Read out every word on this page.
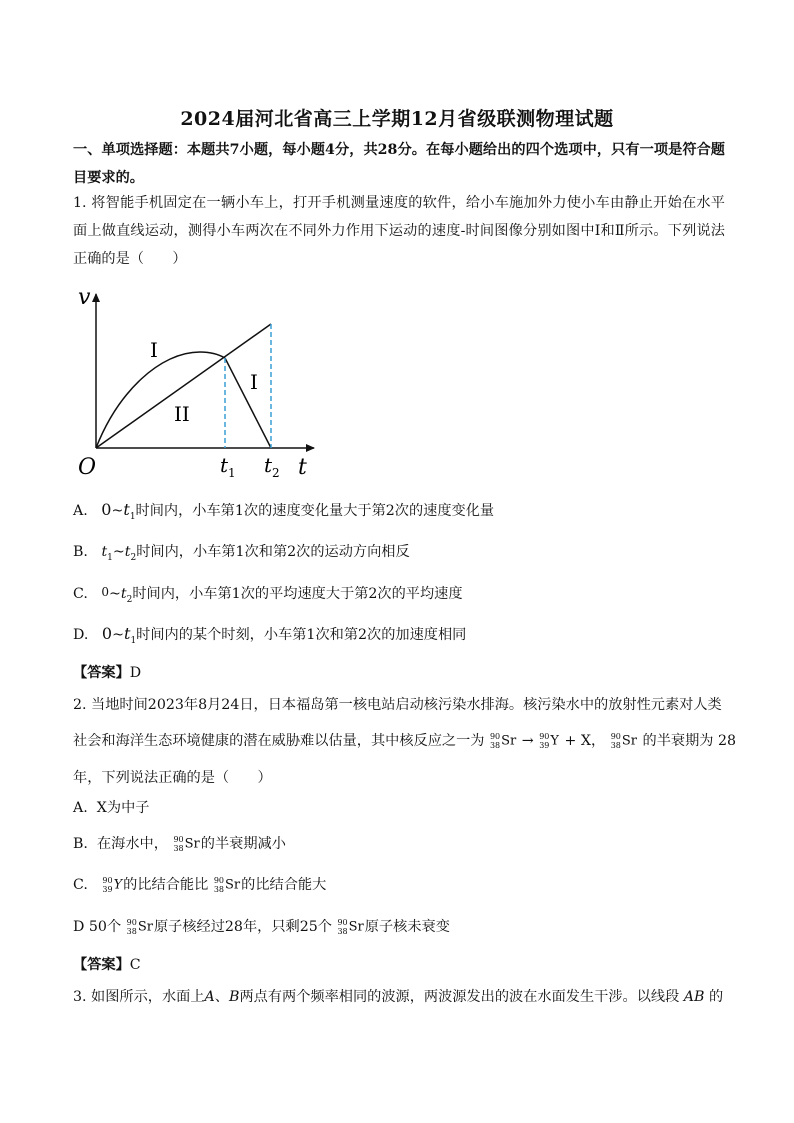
2024届河北省高三上学期12月省级联测物理试题
一、单项选择题：本题共7小题，每小题4分，共28分。在每小题给出的四个选项中，只有一项是符合题目要求的。
1. 将智能手机固定在一辆小车上，打开手机测量速度的软件，给小车施加外力使小车由静止开始在水平面上做直线运动，测得小车两次在不同外力作用下运动的速度-时间图像分别如图中Ⅰ和Ⅱ所示。下列说法正确的是（　　）
v
O	t
$t_1$ $t_2$
I
II
I
A. $0\sim t_1$时间内，小车第1次的速度变化量大于第2次的速度变化量
B. $t_1\sim t_2$时间内，小车第1次和第2次的运动方向相反
C. $0\sim t_2$时间内，小车第1次的平均速度大于第2次的平均速度
D. $0\sim t_1$时间内的某个时刻，小车第1次和第2次的加速度相同
【答案】D
2. 当地时间2023年8月24日，日本福岛第一核电站启动核污染水排海。核污染水中的放射性元素对人类
社会和海洋生态环境健康的潜在威胁难以估量，其中核反应之一为 90
38 Sr → 90
39 Y + X， 90
38 Sr 的半衰期为 28
年，下列说法正确的是（　　）
A. X为中子
B. 在海水中， 90
38 Sr的半衰期减小
C. 90
39 Y的比结合能比 90
38 Sr的比结合能大
D 50个 90
38 Sr原子核经过28年，只剩25个 90
38 Sr原子核未衰变
【答案】C
3. 如图所示，水面上A、B两点有两个频率相同的波源，两波源发出的波在水面发生干涉。以线段 AB 的
